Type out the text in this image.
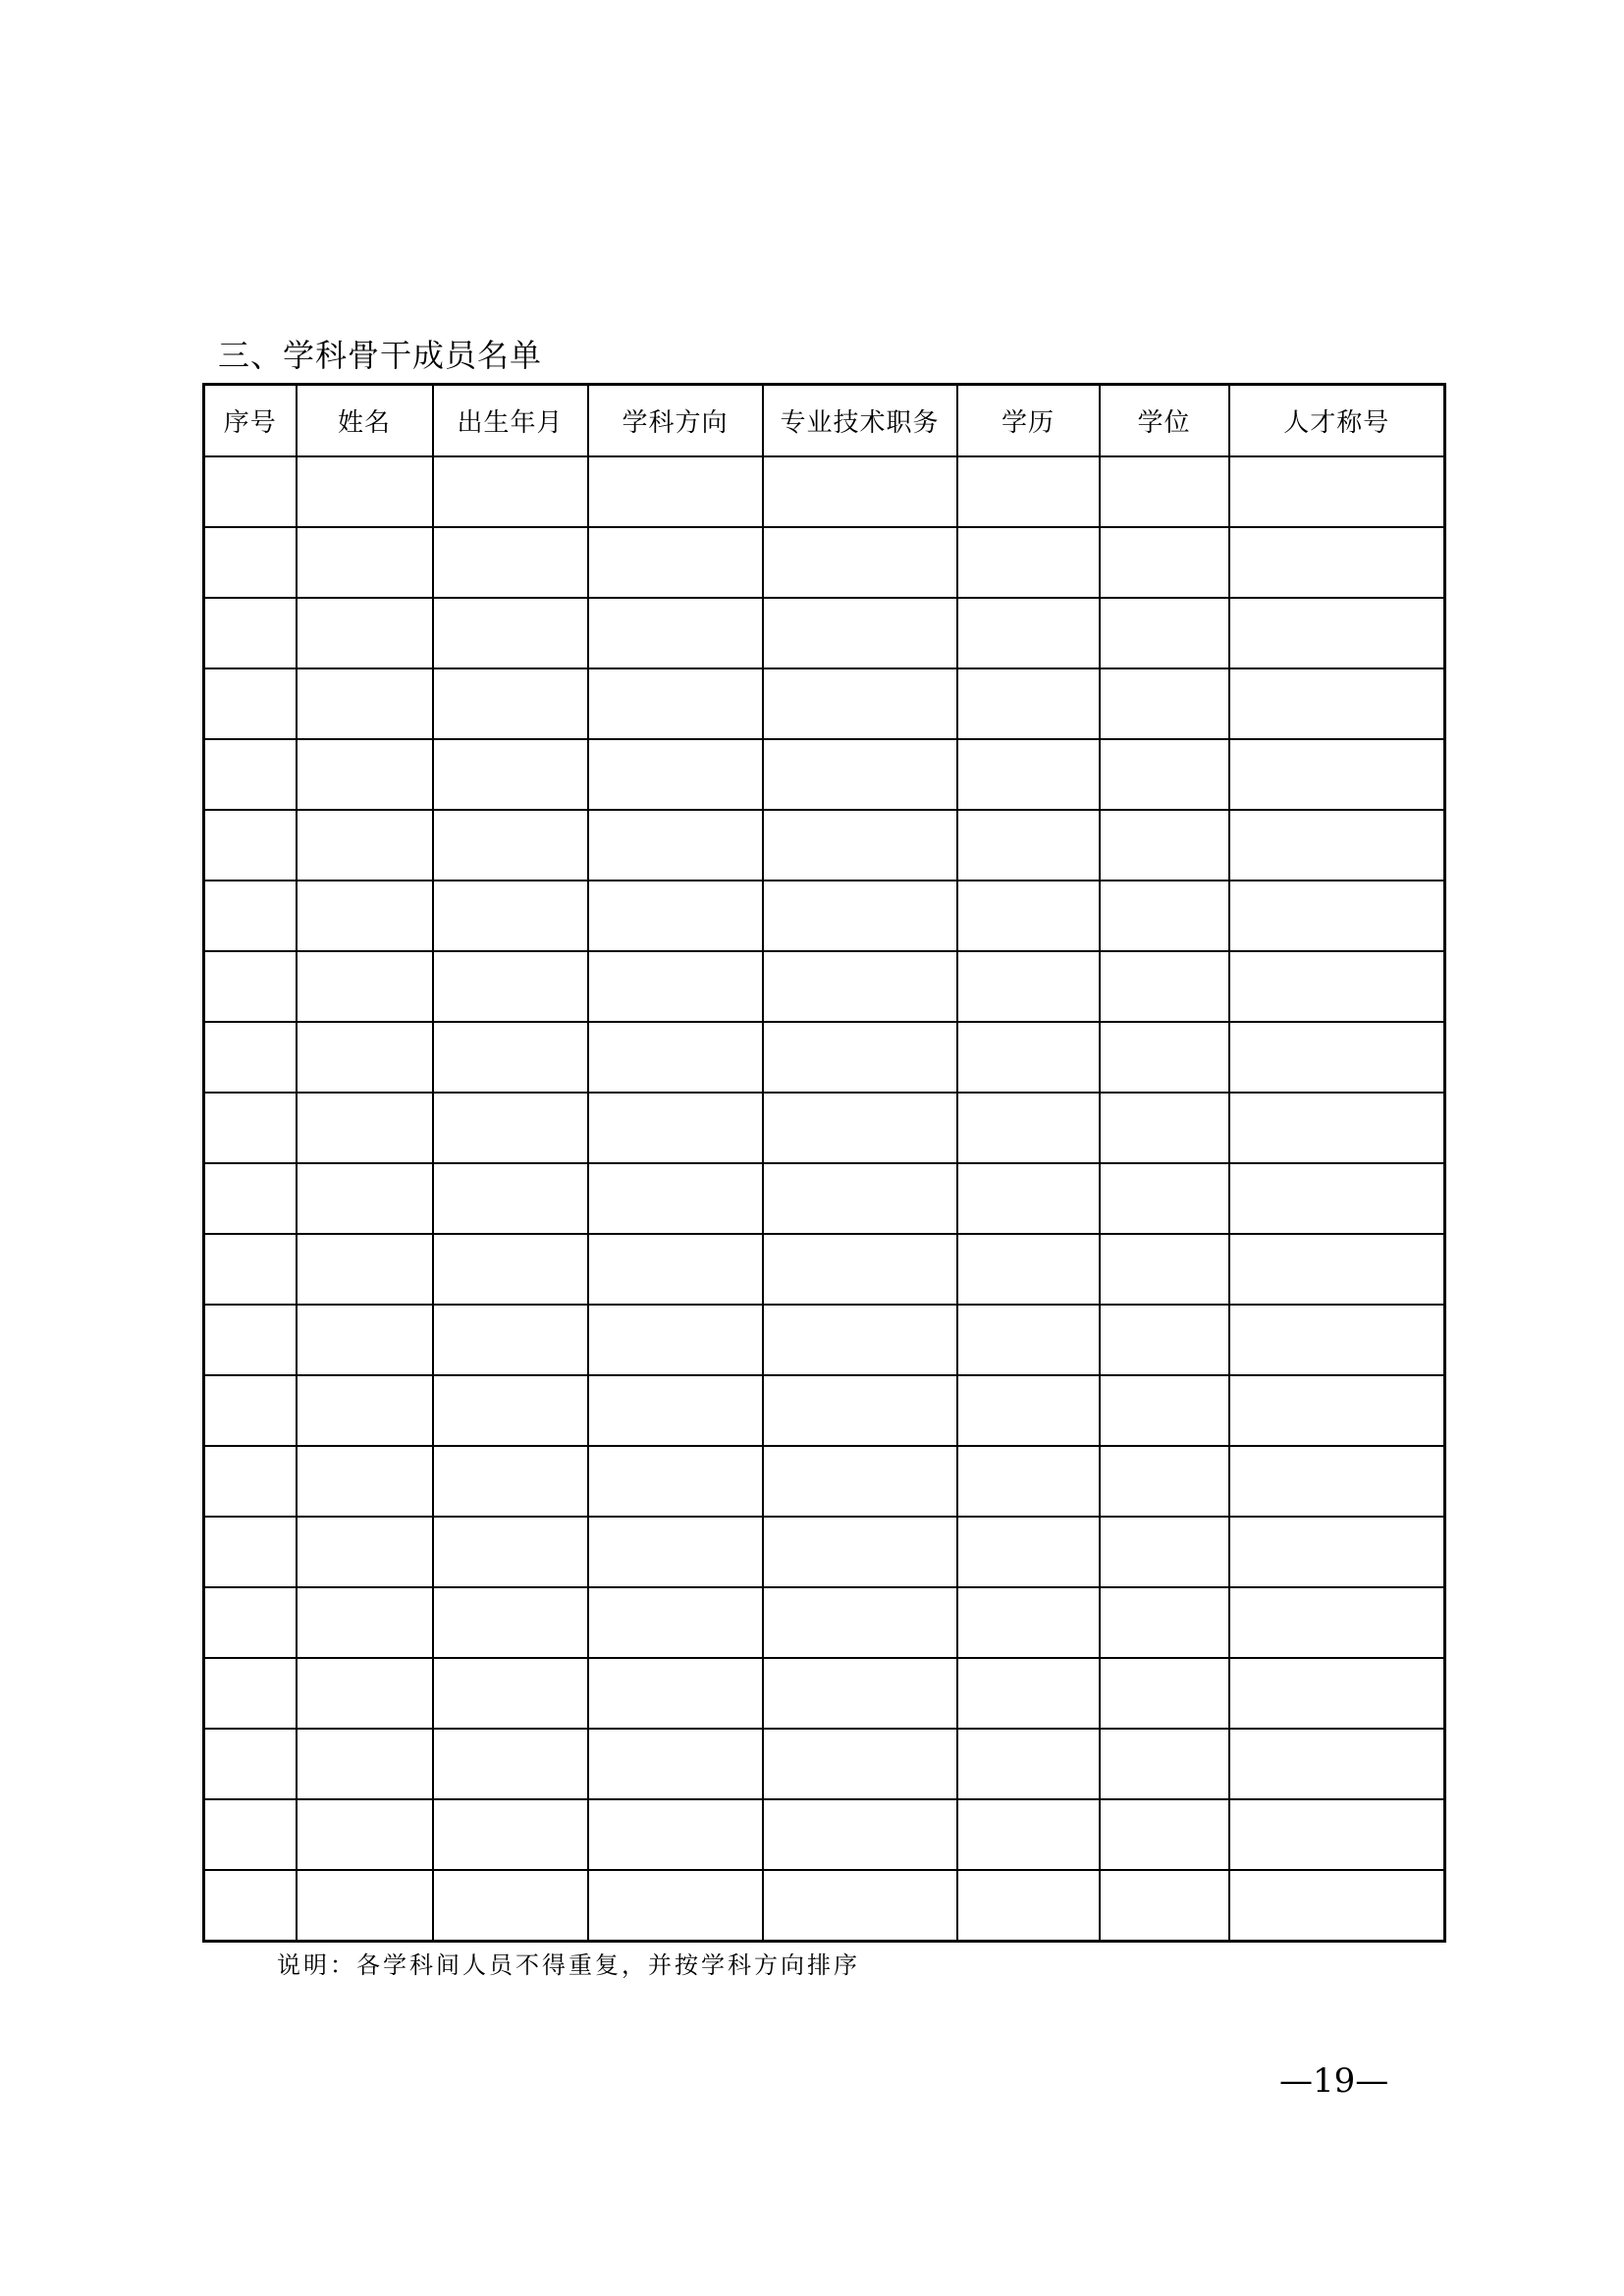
三、学科骨干成员名单
序号	姓名	出生年月	学科方向	专业技术职务	学历	学位	人才称号

说明：各学科间人员不得重复，并按学科方向排序
—19—
